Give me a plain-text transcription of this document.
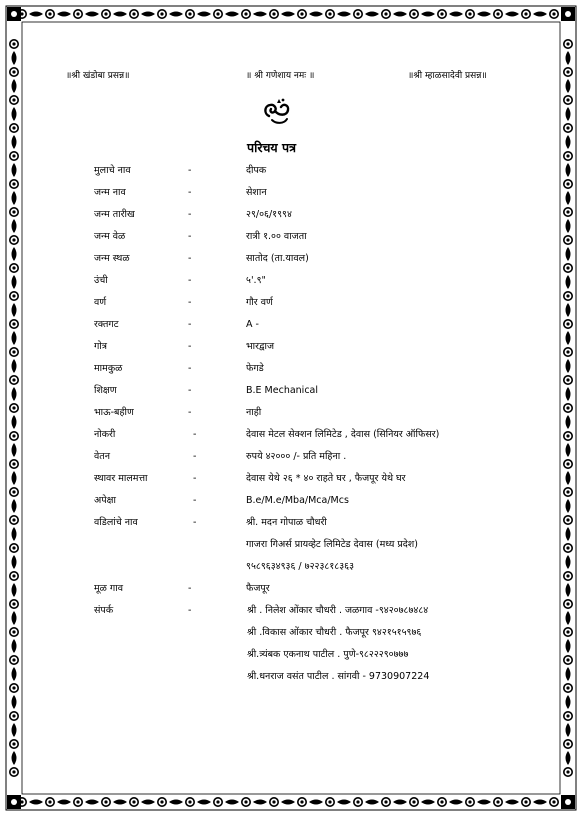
॥श्री खंडोबा प्रसन्न॥	॥ श्री गणेशाय नमः ॥	॥श्री म्हाळसादेवी प्रसन्न॥
परिचय पत्र
मुलाचे नाव	-	दीपक
जन्म नाव	-	सेशान
जन्म तारीख	-	२९/०६/१९९४
जन्म वेळ	-	रात्री १.०० वाजता
जन्म स्थळ	-	सातोद (ता.यावल)
उंची	-	५'.९"
वर्ण	-	गौर वर्ण
रक्तगट	-	A -
गोत्र	-	भारद्वाज
मामकुळ	-	फेगडे
शिक्षण	-	B.E Mechanical
भाऊ-बहीण	-	नाही
नोकरी	-	देवास मेटल सेक्शन लिमिटेड , देवास (सिनियर ऑफिसर)
वेतन	-	रुपये ४२००० /- प्रति महिना .
स्थावर मालमत्ता	-	देवास येथे २६ * ४० राहते घर , फैजपूर येथे घर
अपेक्षा	-	B.e/M.e/Mba/Mca/Mcs
वडिलांचे नाव	-	श्री. मदन गोपाळ चौधरी
गाजरा गिअर्स प्रायव्हेट लिमिटेड देवास (मध्य प्रदेश)
९५८९६३४९३६ / ७२२३८१८३६३
मूळ गाव	-	फैजपूर
संपर्क	-	श्री . निलेश ओंकार चौधरी . जळगाव -९४२०७८७४८४
श्री .विकास ओंकार चौधरी . फैजपूर ९४२१५१५९७६
श्री.त्र्यंबक एकनाथ पाटील . पुणे-९८२२२९०७७७
श्री.धनराज वसंत पाटील . सांगवी - 9730907224
